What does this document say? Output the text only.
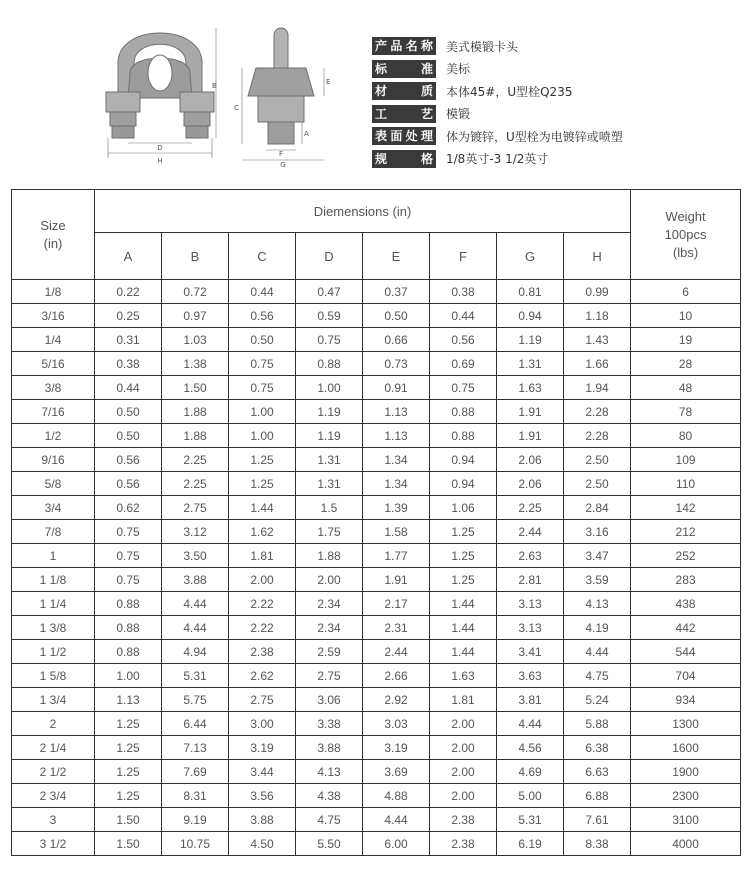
D
H
B
C
E
A
F
G
产品名称 美式模锻卡头
标准 美标
材质 本体45#，U型栓Q235
工艺 模锻
表面处理 体为镀锌，U型栓为电镀锌或喷塑
规格 1/8英寸-3 1/2英寸
Size
(in)	Diemensions (in)								Weight
100pcs
(lbs)
	A	B	C	D	E	F	G	H	
1/8	0.22	0.72	0.44	0.47	0.37	0.38	0.81	0.99	6
3/16	0.25	0.97	0.56	0.59	0.50	0.44	0.94	1.18	10
1/4	0.31	1.03	0.50	0.75	0.66	0.56	1.19	1.43	19
5/16	0.38	1.38	0.75	0.88	0.73	0.69	1.31	1.66	28
3/8	0.44	1.50	0.75	1.00	0.91	0.75	1.63	1.94	48
7/16	0.50	1.88	1.00	1.19	1.13	0.88	1.91	2.28	78
1/2	0.50	1.88	1.00	1.19	1.13	0.88	1.91	2.28	80
9/16	0.56	2.25	1.25	1.31	1.34	0.94	2.06	2.50	109
5/8	0.56	2.25	1.25	1.31	1.34	0.94	2.06	2.50	110
3/4	0.62	2.75	1.44	1.5	1.39	1.06	2.25	2.84	142
7/8	0.75	3.12	1.62	1.75	1.58	1.25	2.44	3.16	212
1	0.75	3.50	1.81	1.88	1.77	1.25	2.63	3.47	252
1 1/8	0.75	3.88	2.00	2.00	1.91	1.25	2.81	3.59	283
1 1/4	0.88	4.44	2.22	2.34	2.17	1.44	3.13	4.13	438
1 3/8	0.88	4.44	2.22	2.34	2.31	1.44	3.13	4.19	442
1 1/2	0.88	4.94	2.38	2.59	2.44	1.44	3.41	4.44	544
1 5/8	1.00	5.31	2.62	2.75	2.66	1.63	3.63	4.75	704
1 3/4	1.13	5.75	2.75	3.06	2.92	1.81	3.81	5.24	934
2	1.25	6.44	3.00	3.38	3.03	2.00	4.44	5.88	1300
2 1/4	1.25	7.13	3.19	3.88	3.19	2.00	4.56	6.38	1600
2 1/2	1.25	7.69	3.44	4.13	3.69	2.00	4.69	6.63	1900
2 3/4	1.25	8.31	3.56	4.38	4.88	2.00	5.00	6.88	2300
3	1.50	9.19	3.88	4.75	4.44	2.38	5.31	7.61	3100
3 1/2	1.50	10.75	4.50	5.50	6.00	2.38	6.19	8.38	4000
